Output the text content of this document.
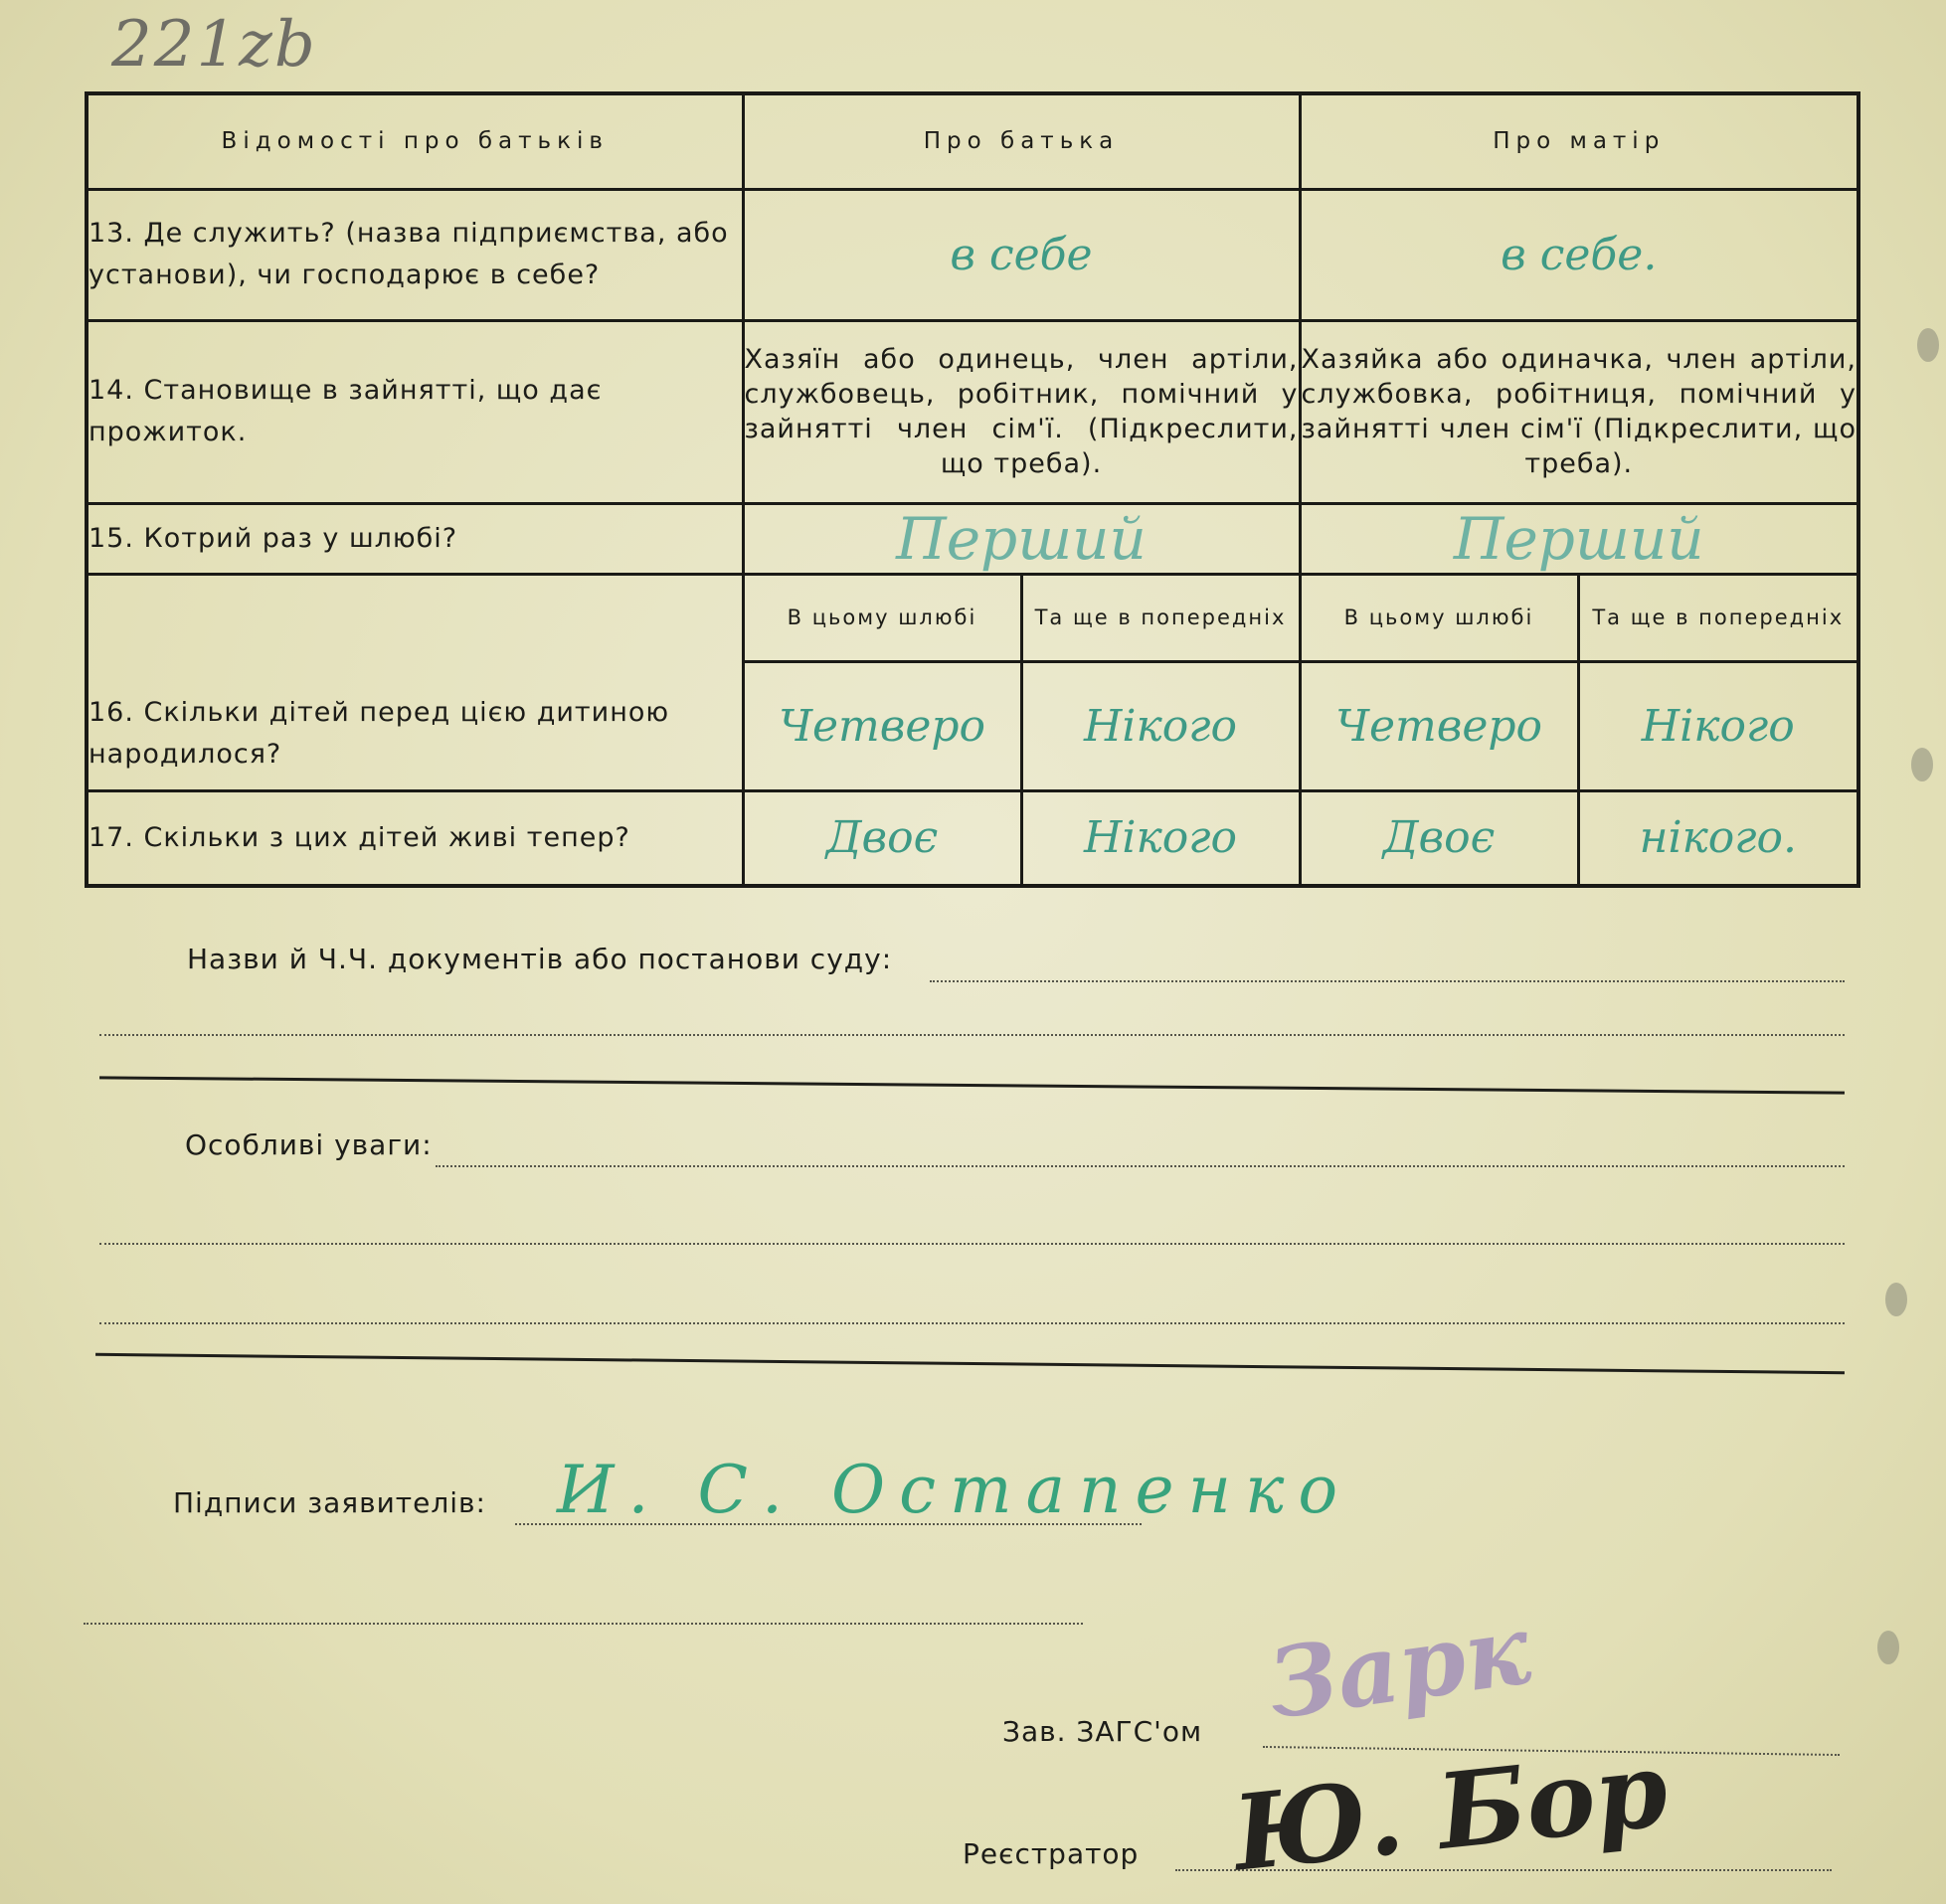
221zb
Відомості про батьків	Про батька		Про матір	
13. Де служить? (назва підприємства, або установи), чи господарює в себе?	в себе		в себе.	
14. Становище в зайнятті, що дає прожиток.	Хазяїн або одинець, член артіли, службовець, робітник, помічний у зайнятті член сім'ї. (Підкреслити, що треба).		Хазяйка або одиначка, член артіли, службовка, робітниця, помічний у зайнятті член сім'ї (Підкреслити, що треба).	
15. Котрий раз у шлюбі?	Перший		Перший	
16. Скільки дітей перед цією дитиною народилося?	В цьому шлюбі	Та ще в попередніх	В цьому шлюбі	Та ще в попередніх
	Четверо	Нікого	Четверо	Нікого
17. Скільки з цих дітей живі тепер?	Двоє	Нікого	Двоє	нікого.
Назви й Ч.Ч. документів або постанови суду:
Особливі уваги:
Підписи заявителів: И. С. Остапенко
Зав. ЗАГС'ом Зарк
Реєстратор Ю. Бор
